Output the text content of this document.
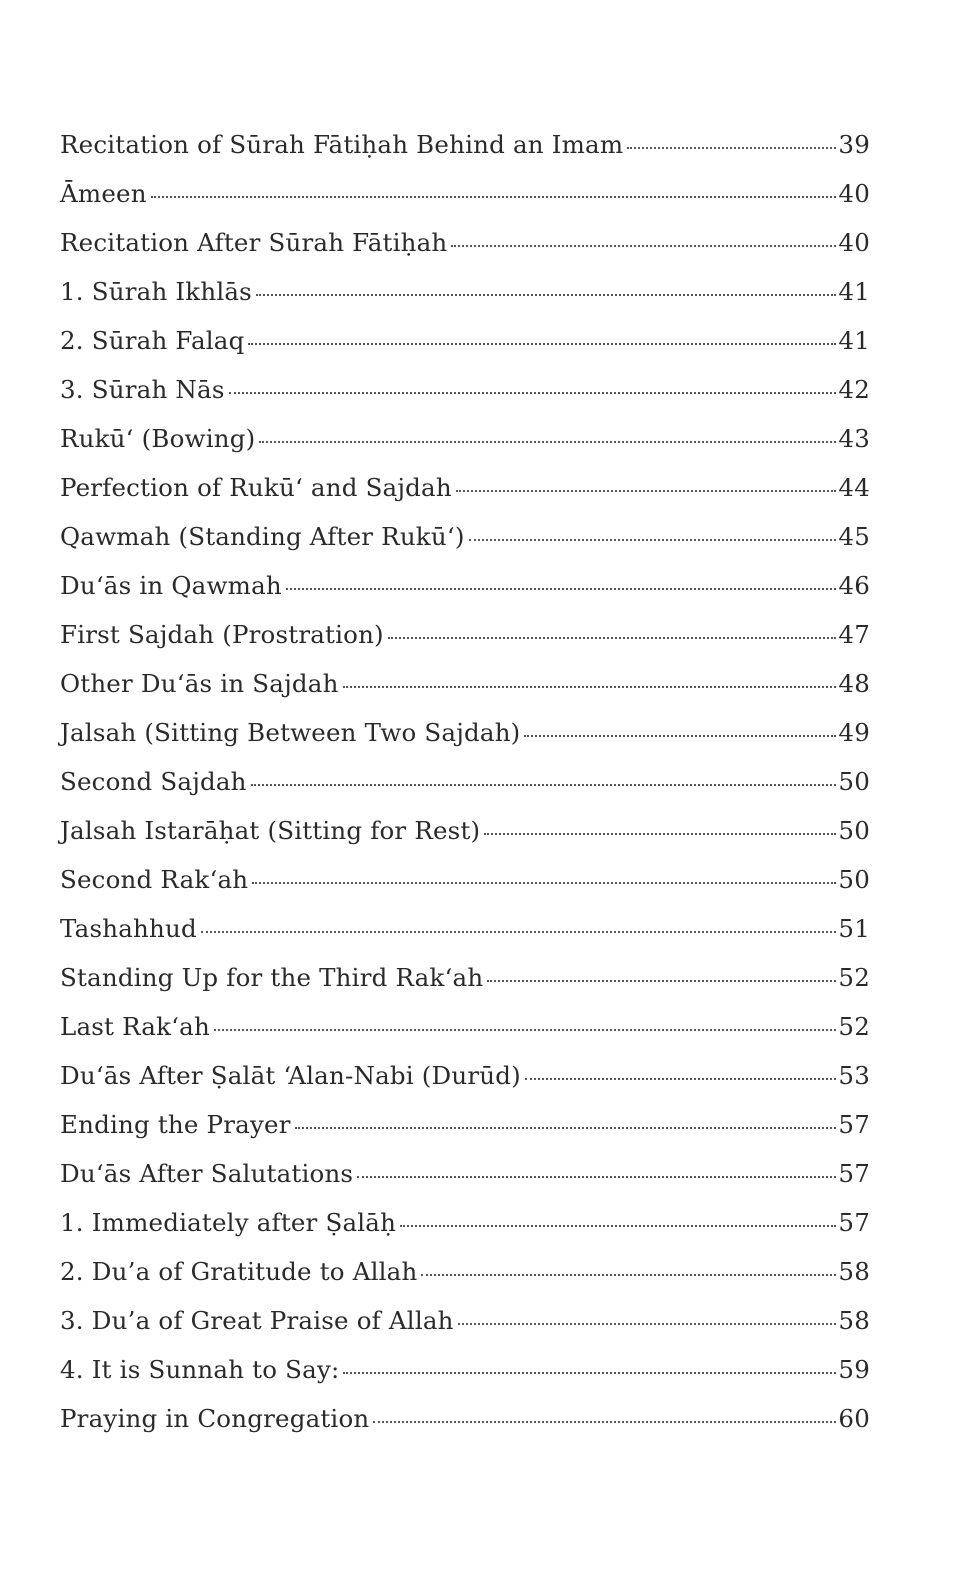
Recitation of Sūrah Fātiḥah Behind an Imam	39
Āmeen	40
Recitation After Sūrah Fātiḥah	40
1. Sūrah Ikhlās	41
2. Sūrah Falaq	41
3. Sūrah Nās	42
Rukū‘ (Bowing)	43
Perfection of Rukū‘ and Sajdah	44
Qawmah (Standing After Rukū‘)	45
Du‘ās in Qawmah	46
First Sajdah (Prostration)	47
Other Du‘ās in Sajdah	48
Jalsah (Sitting Between Two Sajdah)	49
Second Sajdah	50
Jalsah Istarāḥat (Sitting for Rest)	50
Second Rak‘ah	50
Tashahhud	51
Standing Up for the Third Rak‘ah	52
Last Rak‘ah	52
Du‘ās After Ṣalāt ‘Alan-Nabi (Durūd)	53
Ending the Prayer	57
Du‘ās After Salutations	57
1. Immediately after Ṣalāḥ	57
2. Du’a of Gratitude to Allah	58
3. Du’a of Great Praise of Allah	58
4. It is Sunnah to Say:	59
Praying in Congregation	60
